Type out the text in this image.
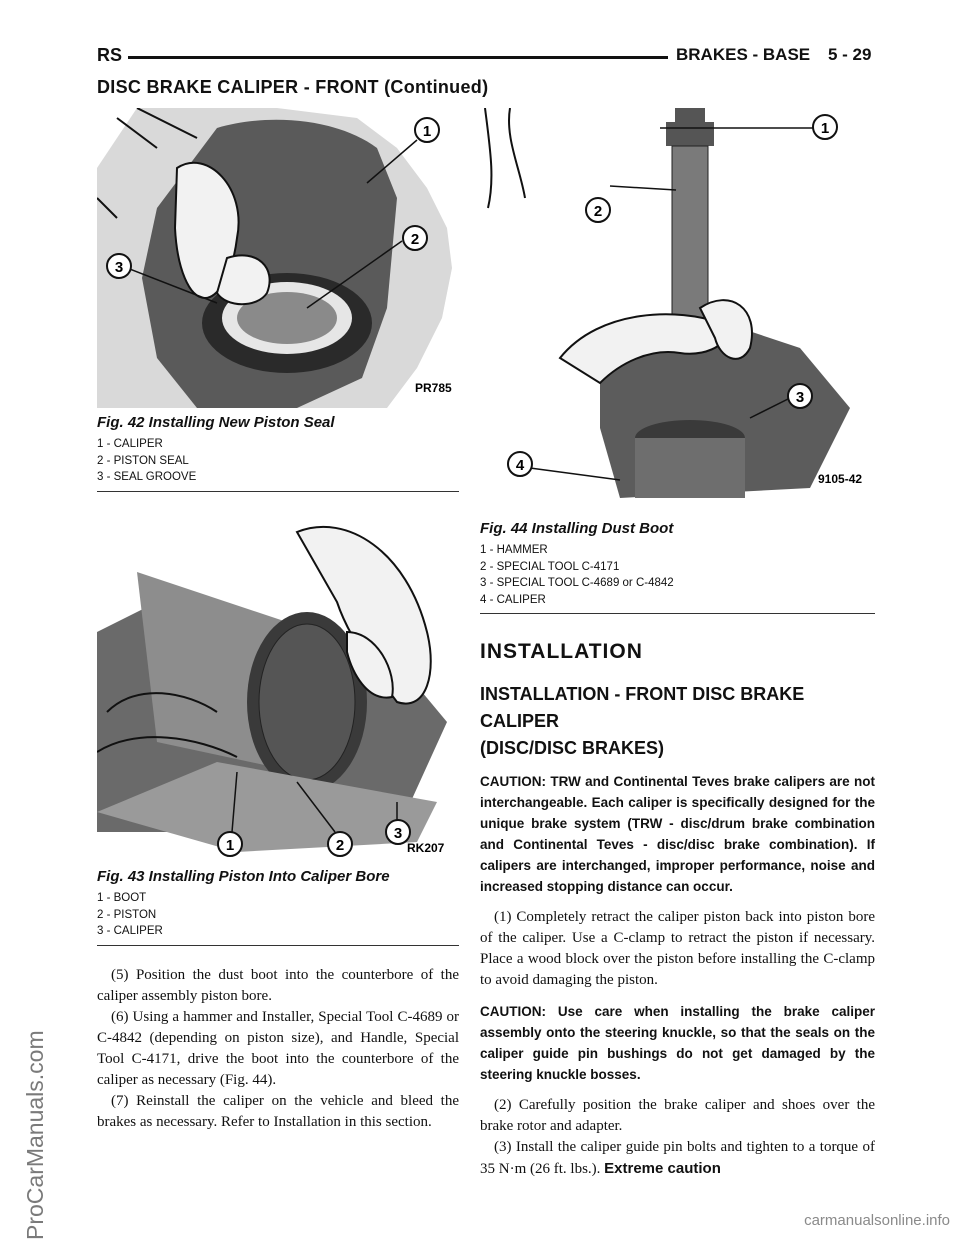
RS	BRAKES - BASE 5 - 29
DISC BRAKE CALIPER - FRONT (Continued)
1
2
3
PR785
Fig. 42 Installing New Piston Seal
1 - CALIPER
2 - PISTON SEAL
3 - SEAL GROOVE
1	2
3
RK207
Fig. 43 Installing Piston Into Caliper Bore
1 - BOOT
2 - PISTON
3 - CALIPER

(5) Position the dust boot into the counterbore of the caliper assembly piston bore.

(6) Using a hammer and Installer, Special Tool C-4689 or C-4842 (depending on piston size), and Handle, Special Tool C-4171, drive the boot into the counterbore of the caliper as necessary (Fig. 44).

(7) Reinstall the caliper on the vehicle and bleed the brakes as necessary. Refer to Installation in this section.

1
2
3
4
9105-42
Fig. 44 Installing Dust Boot
1 - HAMMER
2 - SPECIAL TOOL C-4171
3 - SPECIAL TOOL C-4689 or C-4842
4 - CALIPER
INSTALLATION
INSTALLATION - FRONT DISC BRAKE CALIPER
(DISC/DISC BRAKES)

CAUTION: TRW and Continental Teves brake calipers are not interchangeable. Each caliper is specifically designed for the unique brake system (TRW - disc/drum brake combination and Continental Teves - disc/disc brake combination). If calipers are interchanged, improper performance, noise and increased stopping distance can occur.

(1) Completely retract the caliper piston back into piston bore of the caliper. Use a C-clamp to retract the piston if necessary. Place a wood block over the piston before installing the C-clamp to avoid damaging the piston.

CAUTION: Use care when installing the brake caliper assembly onto the steering knuckle, so that the seals on the caliper guide pin bushings do not get damaged by the steering knuckle bosses.

(2) Carefully position the brake caliper and shoes over the brake rotor and adapter.

(3) Install the caliper guide pin bolts and tighten to a torque of 35 N·m (26 ft. lbs.). Extreme caution

ProCarManuals.com	carmanualsonline.info
